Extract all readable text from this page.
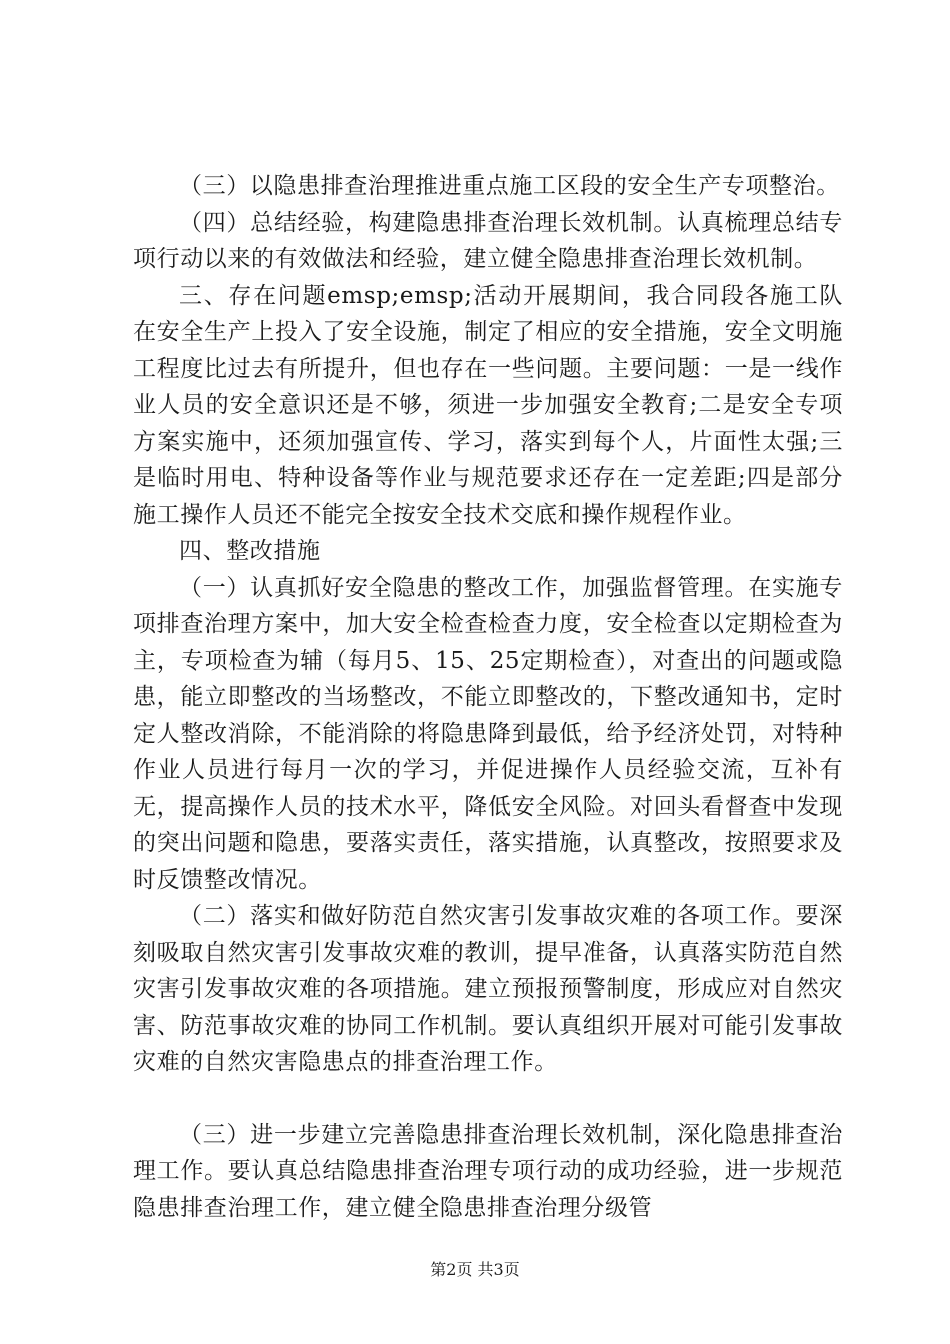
（三）以隐患排查治理推进重点施工区段的安全生产专项整治。

（四）总结经验，构建隐患排查治理长效机制。认真梳理总结专项行动以来的有效做法和经验，建立健全隐患排查治理长效机制。

三、存在问题emsp;emsp;活动开展期间，我合同段各施工队在安全生产上投入了安全设施，制定了相应的安全措施，安全文明施工程度比过去有所提升，但也存在一些问题。主要问题：一是一线作业人员的安全意识还是不够，须进一步加强安全教育;二是安全专项方案实施中，还须加强宣传、学习，落实到每个人，片面性太强;三是临时用电、特种设备等作业与规范要求还存在一定差距;四是部分施工操作人员还不能完全按安全技术交底和操作规程作业。

四、整改措施

（一）认真抓好安全隐患的整改工作，加强监督管理。在实施专项排查治理方案中，加大安全检查检查力度，安全检查以定期检查为主，专项检查为辅（每月5、15、25定期检查），对查出的问题或隐患，能立即整改的当场整改，不能立即整改的，下整改通知书，定时定人整改消除，不能消除的将隐患降到最低，给予经济处罚，对特种作业人员进行每月一次的学习，并促进操作人员经验交流，互补有无，提高操作人员的技术水平，降低安全风险。对回头看督查中发现的突出问题和隐患，要落实责任，落实措施，认真整改，按照要求及时反馈整改情况。

（二）落实和做好防范自然灾害引发事故灾难的各项工作。要深刻吸取自然灾害引发事故灾难的教训，提早准备，认真落实防范自然灾害引发事故灾难的各项措施。建立预报预警制度，形成应对自然灾害、防范事故灾难的协同工作机制。要认真组织开展对可能引发事故灾难的自然灾害隐患点的排查治理工作。

（三）进一步建立完善隐患排查治理长效机制，深化隐患排查治理工作。要认真总结隐患排查治理专项行动的成功经验，进一步规范隐患排查治理工作，建立健全隐患排查治理分级管

第2页 共3页
